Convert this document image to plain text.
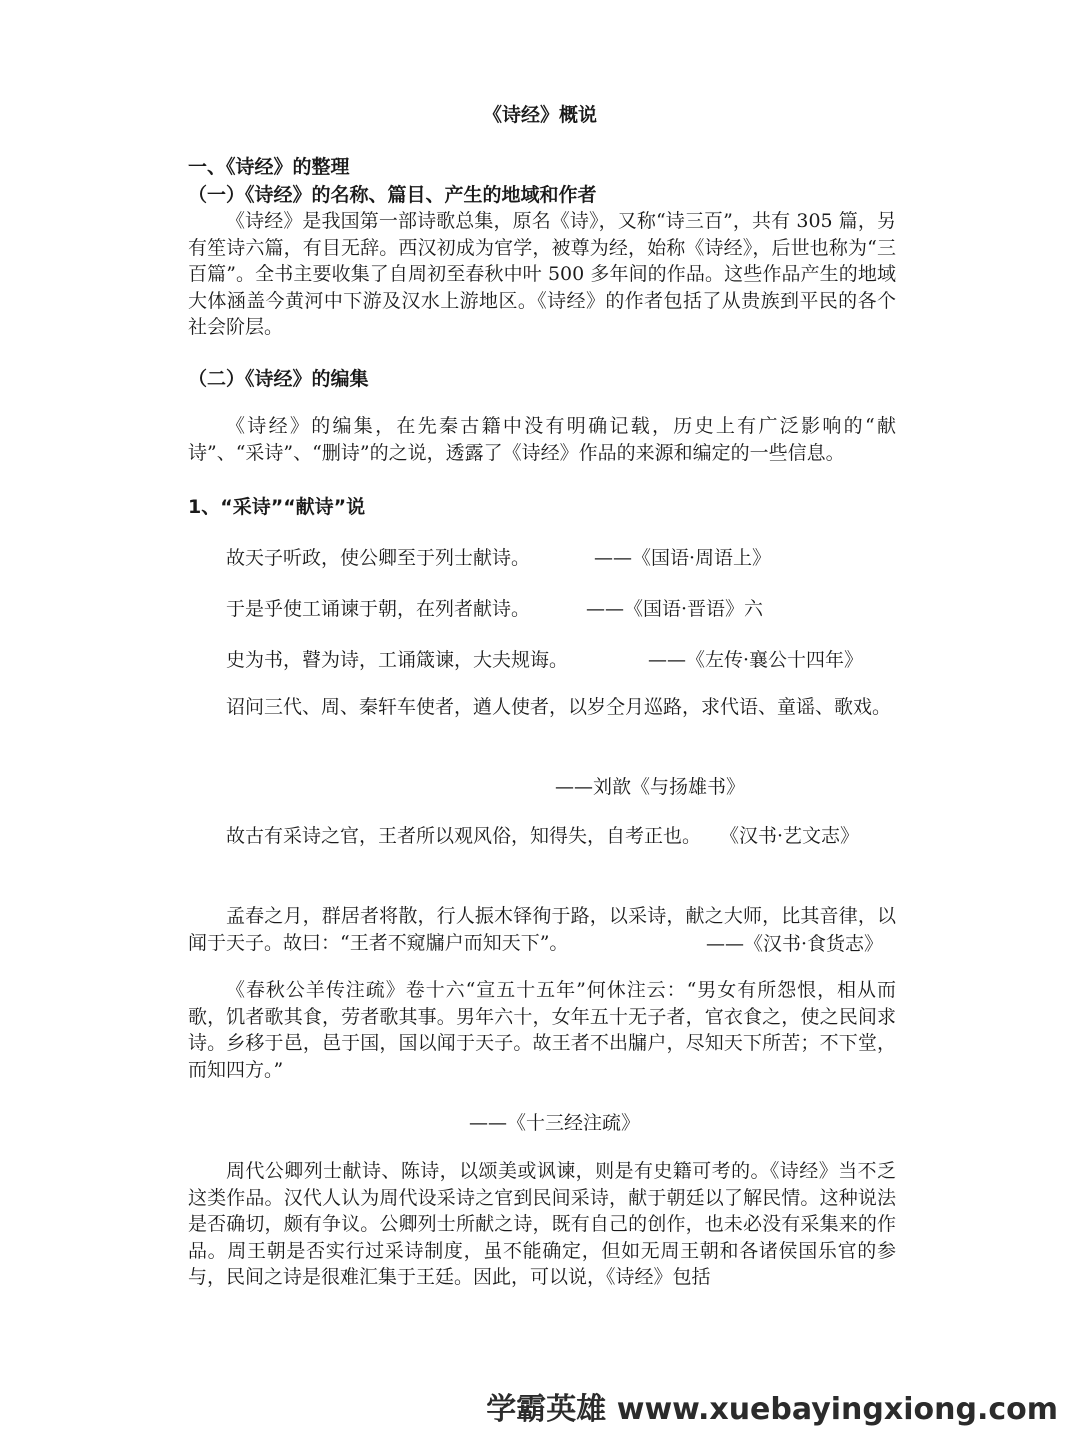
《诗经》概说
一、《诗经》的整理
（一）《诗经》的名称、篇目、产生的地域和作者

《诗经》是我国第一部诗歌总集，原名《诗》，又称“诗三百”，共有 305 篇，另有笙诗六篇，有目无辞。西汉初成为官学，被尊为经，始称《诗经》，后世也称为“三百篇”。全书主要收集了自周初至春秋中叶 500 多年间的作品。这些作品产生的地域大体涵盖今黄河中下游及汉水上游地区。《诗经》的作者包括了从贵族到平民的各个社会阶层。

（二）《诗经》的编集

《诗经》的编集，在先秦古籍中没有明确记载，历史上有广泛影响的“献诗”、“采诗”、“删诗”的之说，透露了《诗经》作品的来源和编定的一些信息。

1、“采诗”“献诗”说
故天子听政，使公卿至于列士献诗。	——《国语·周语上》
于是乎使工诵谏于朝，在列者献诗。	——《国语·晋语》六
史为书，瞽为诗，工诵箴谏，大夫规诲。	——《左传·襄公十四年》

诏问三代、周、秦轩车使者，遒人使者，以岁仝月巡路，求代语、童谣、歌戏。

——刘歆《与扬雄书》

故古有采诗之官，王者所以观风俗，知得失，自考正也。　　《汉书·艺文志》

孟春之月，群居者将散，行人振木铎徇于路，以采诗，献之大师，比其音律，以闻于天子。故曰：“王者不窥牖户而知天下”。	——《汉书·食货志》

《春秋公羊传注疏》卷十六“宣五十五年”何休注云：“男女有所怨恨，相从而歌，饥者歌其食，劳者歌其事。男年六十，女年五十无子者，官衣食之，使之民间求诗。乡移于邑，邑于国，国以闻于天子。故王者不出牖户，尽知天下所苦；不下堂，而知四方。”

——《十三经注疏》

周代公卿列士献诗、陈诗，以颂美或讽谏，则是有史籍可考的。《诗经》当不乏这类作品。汉代人认为周代设采诗之官到民间采诗，献于朝廷以了解民情。这种说法是否确切，颇有争议。公卿列士所献之诗，既有自己的创作，也未必没有采集来的作品。周王朝是否实行过采诗制度，虽不能确定，但如无周王朝和各诸侯国乐官的参与，民间之诗是很难汇集于王廷。因此，可以说，《诗经》包括

学霸英雄 www.xuebayingxiong.com
